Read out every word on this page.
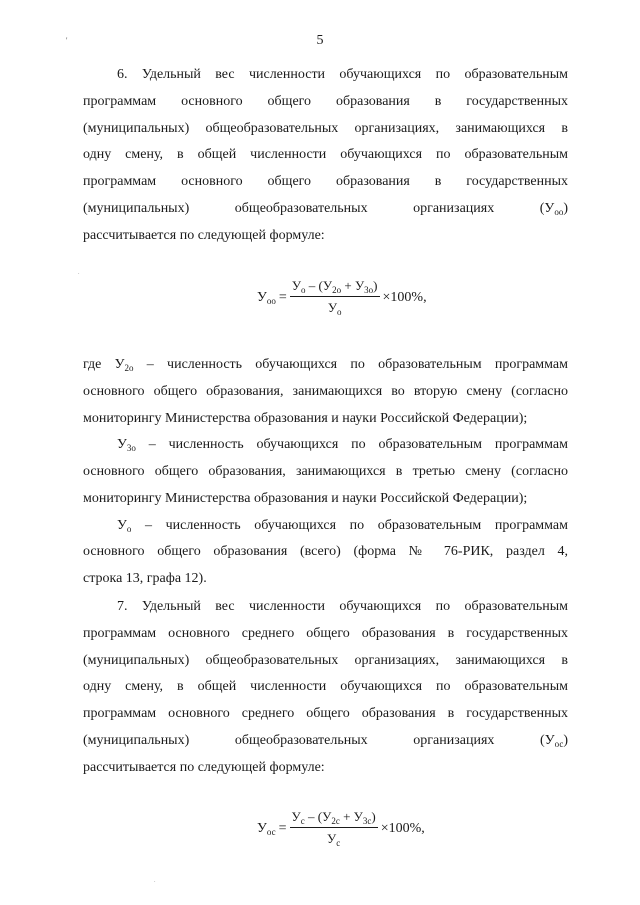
'
.
.
5
6. Удельный вес численности обучающихся по образовательным
программам основного общего образования в государственных
(муниципальных) общеобразовательных организациях, занимающихся в
одну смену, в общей численности обучающихся по образовательным
программам основного общего образования в государственных
(муниципальных) общеобразовательных организациях $(У_{оо})$
рассчитывается по следующей формуле:
$У_{оо} = \frac{У_о - (У_{2о} + У_{3о})}{У_о} \times 100\%$,
где $У_{2о}$ – численность обучающихся по образовательным программам
основного общего образования, занимающихся во вторую смену (согласно
мониторингу Министерства образования и науки Российской Федерации);
$У_{3о}$ – численность обучающихся по образовательным программам
основного общего образования, занимающихся в третью смену (согласно
мониторингу Министерства образования и науки Российской Федерации);
$У_о$ – численность обучающихся по образовательным программам
основного общего образования (всего) (форма № 76-РИК, раздел 4,
строка 13, графа 12).
7. Удельный вес численности обучающихся по образовательным
программам основного среднего общего образования в государственных
(муниципальных) общеобразовательных организациях, занимающихся в
одну смену, в общей численности обучающихся по образовательным
программам основного среднего общего образования в государственных
(муниципальных) общеобразовательных организациях $(У_{ос})$
рассчитывается по следующей формуле:
$У_{ос} = \frac{У_с - (У_{2с} + У_{3с})}{У_с} \times 100\%$,
